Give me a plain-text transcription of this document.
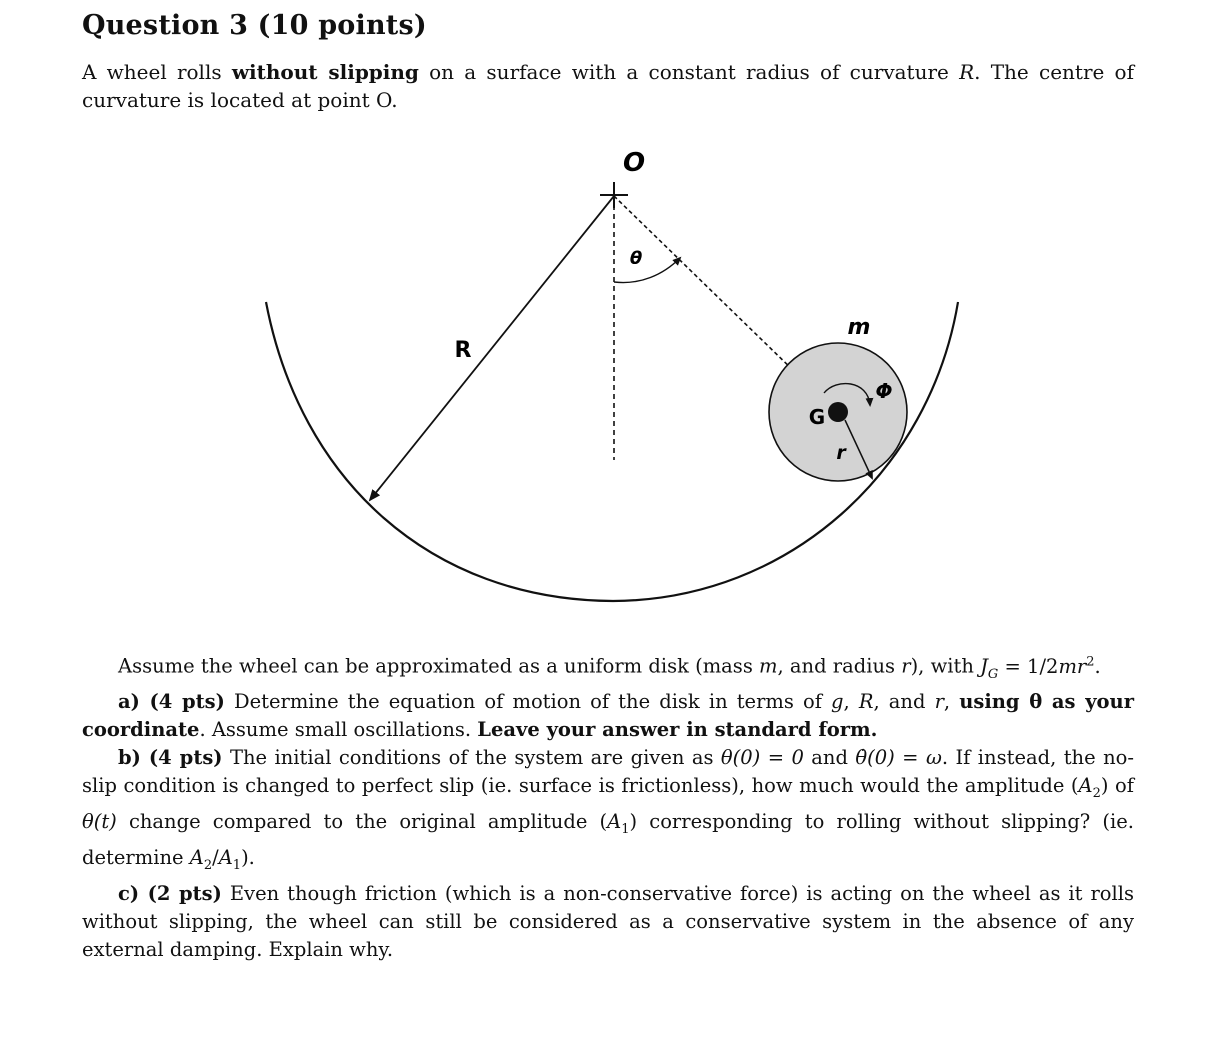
Question 3 (10 points)

A wheel rolls without slipping on a surface with a constant radius of curvature R. The centre of curvature is located at point O.

O
θ
R
m
Φ
G
r

Assume the wheel can be approximated as a uniform disk (mass m, and radius r), with $J_G = 1/2mr^2$.

a) (4 pts) Determine the equation of motion of the disk in terms of g, R, and r, using θ as your coordinate. Assume small oscillations. Leave your answer in standard form.

b) (4 pts) The initial conditions of the system are given as θ(0) = 0 and θ̇(0) = ω. If instead, the no-slip condition is changed to perfect slip (ie. surface is frictionless), how much would the amplitude $(A_2)$ of θ(t) change compared to the original amplitude $(A_1)$ corresponding to rolling without slipping? (ie. determine $A_2/A_1$).

c) (2 pts) Even though friction (which is a non-conservative force) is acting on the wheel as it rolls without slipping, the wheel can still be considered as a conservative system in the absence of any external damping. Explain why.
